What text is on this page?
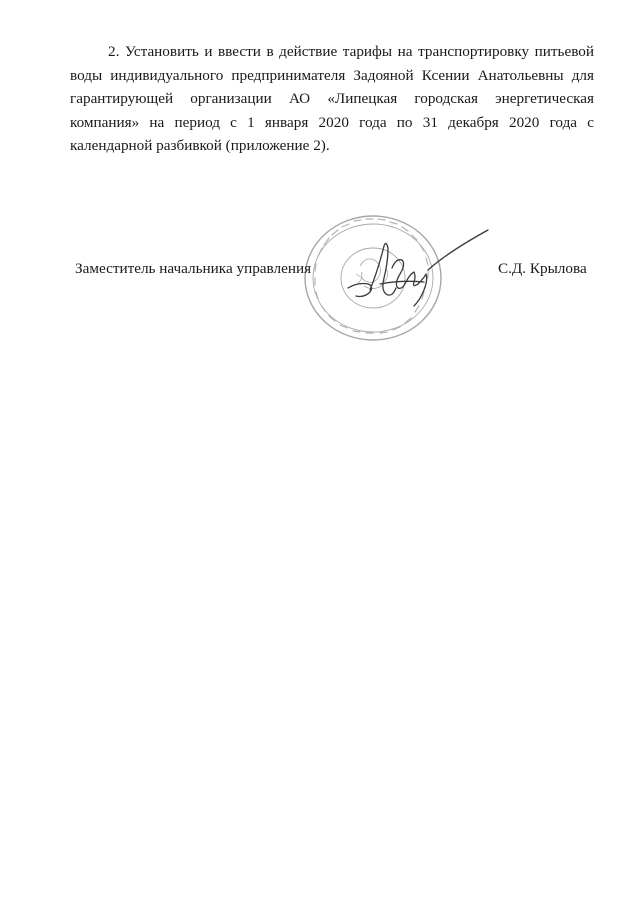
2. Установить и ввести в действие тарифы на транспортировку питьевой воды индивидуального предпринимателя Задояной Ксении Анатольевны для гарантирующей организации АО «Липецкая городская энергетическая компания» на период с 1 января 2020 года по 31 декабря 2020 года с календарной разбивкой (приложение 2).

Заместитель начальника управления	С.Д. Крылова
